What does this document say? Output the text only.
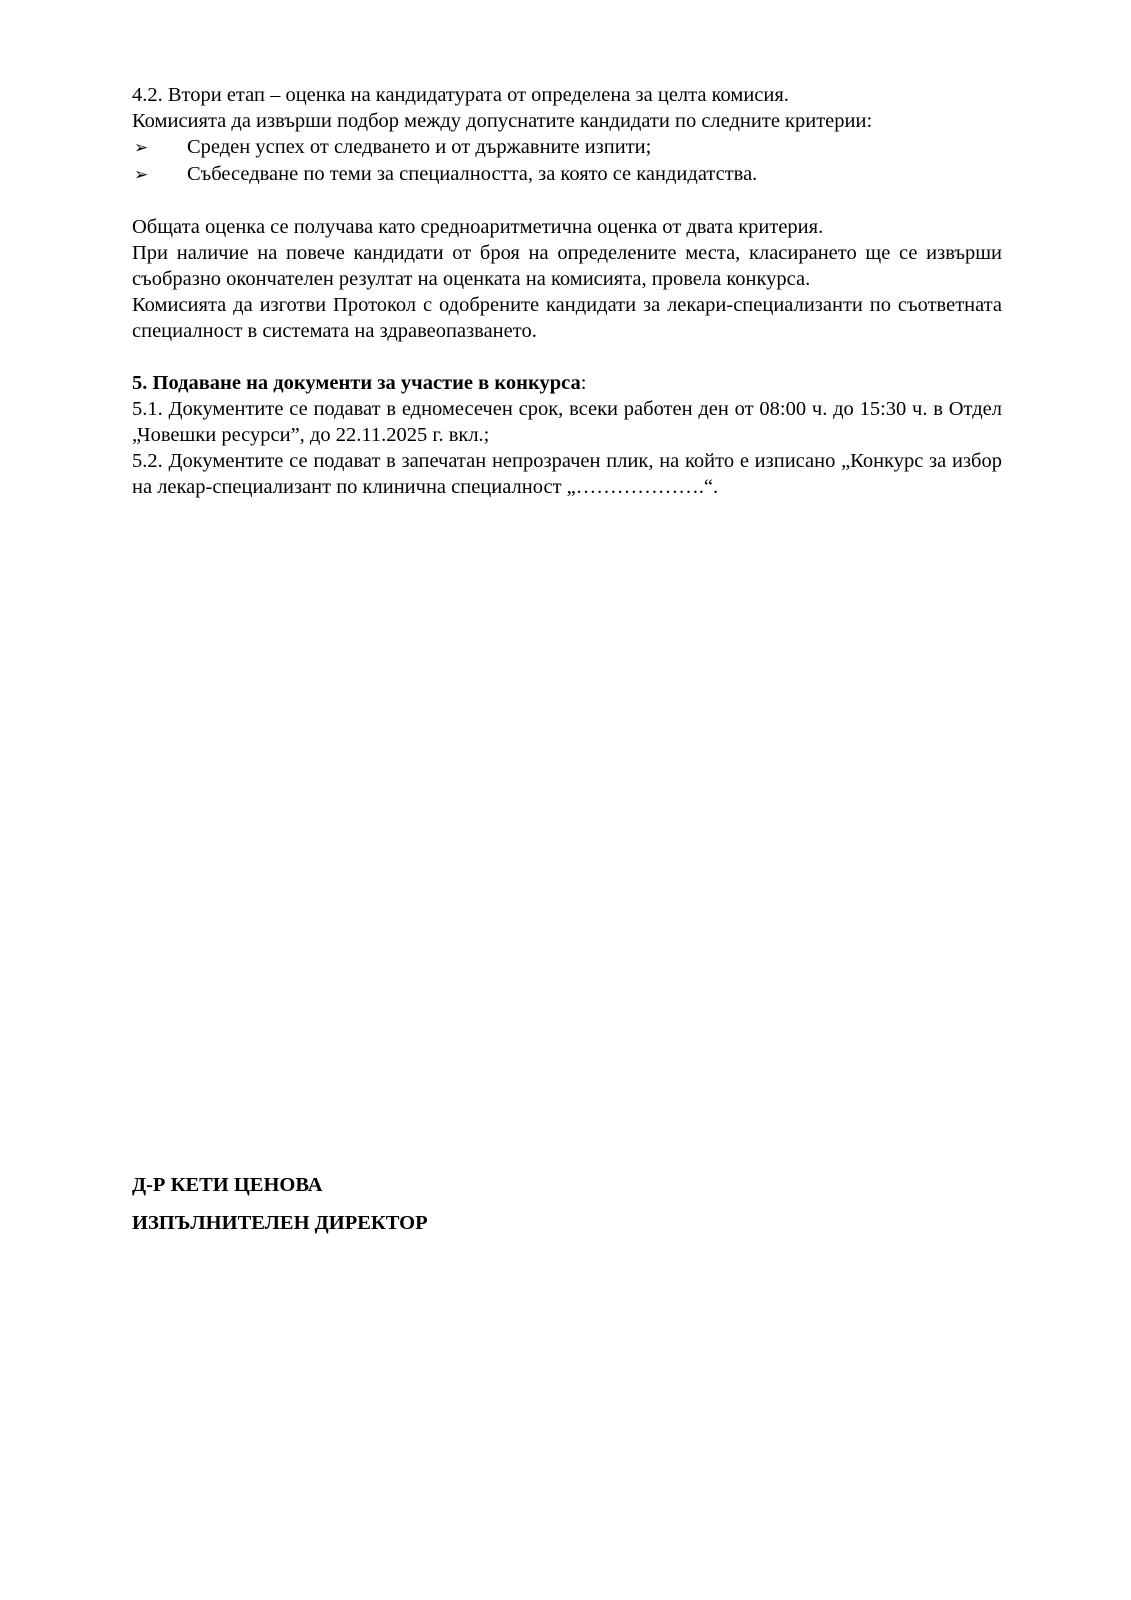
4.2. Втори етап – оценка на кандидатурата от определена за целта комисия.
Комисията да извърши подбор между допуснатите кандидати по следните критерии:
➢	Среден успех от следването и от държавните изпити;
➢	Събеседване по теми за специалността, за която се кандидатства.
Общата оценка се получава като средноаритметична оценка от двата критерия.
При наличие на повече кандидати от броя на определените места, класирането ще се извърши съобразно окончателен резултат на оценката на комисията, провела конкурса.
Комисията да изготви Протокол с одобрените кандидати за лекари-специализанти по съответната специалност в системата на здравеопазването.
5. Подаване на документи за участие в конкурса:
5.1. Документите се подават в едномесечен срок, всеки работен ден от 08:00 ч. до 15:30 ч. в Отдел „Човешки ресурси”, до 22.11.2025 г. вкл.;
5.2. Документите се подават в запечатан непрозрачен плик, на който е изписано „Конкурс за избор на лекар-специализант по клинична специалност „……………….“.
Д-Р КЕТИ ЦЕНОВА
ИЗПЪЛНИТЕЛЕН ДИРЕКТОР
